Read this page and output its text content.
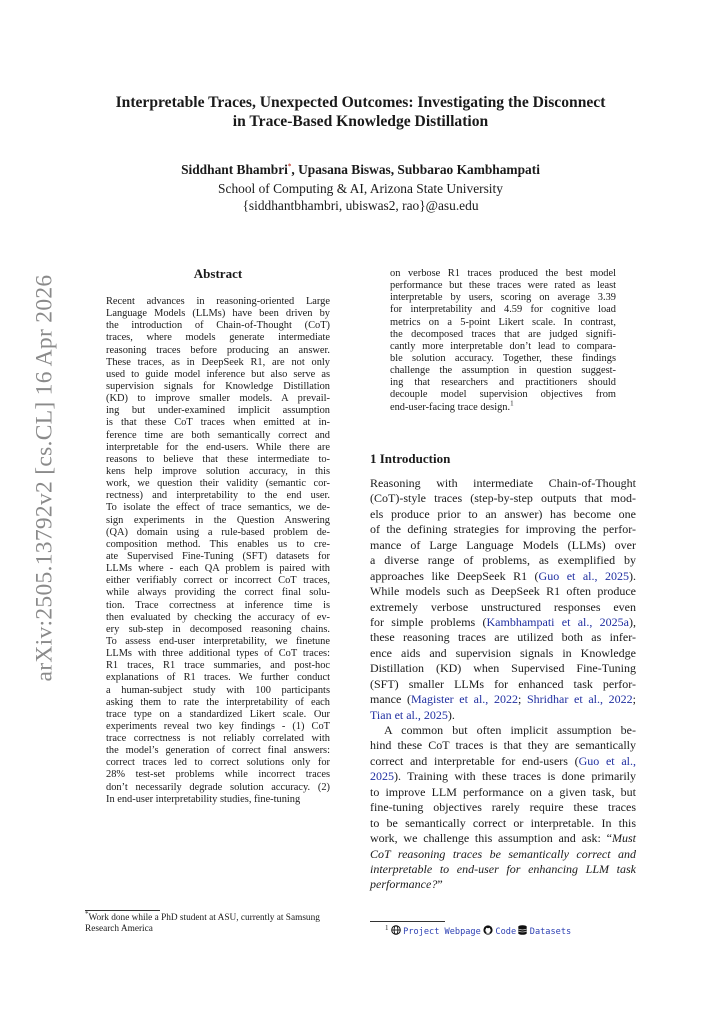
arXiv:2505.13792v2 [cs.CL] 16 Apr 2026
Interpretable Traces, Unexpected Outcomes: Investigating the Disconnect
in Trace-Based Knowledge Distillation
Siddhant Bhambri*, Upasana Biswas, Subbarao Kambhampati
School of Computing & AI, Arizona State University
{siddhantbhambri, ubiswas2, rao}@asu.edu
Abstract
Recent advances in reasoning-oriented Large
Language Models (LLMs) have been driven by
the introduction of Chain-of-Thought (CoT)
traces, where models generate intermediate
reasoning traces before producing an answer.
These traces, as in DeepSeek R1, are not only
used to guide model inference but also serve as
supervision signals for Knowledge Distillation
(KD) to improve smaller models. A prevail-
ing but under-examined implicit assumption
is that these CoT traces when emitted at in-
ference time are both semantically correct and
interpretable for the end-users. While there are
reasons to believe that these intermediate to-
kens help improve solution accuracy, in this
work, we question their validity (semantic cor-
rectness) and interpretability to the end user.
To isolate the effect of trace semantics, we de-
sign experiments in the Question Answering
(QA) domain using a rule-based problem de-
composition method. This enables us to cre-
ate Supervised Fine-Tuning (SFT) datasets for
LLMs where - each QA problem is paired with
either verifiably correct or incorrect CoT traces,
while always providing the correct final solu-
tion. Trace correctness at inference time is
then evaluated by checking the accuracy of ev-
ery sub-step in decomposed reasoning chains.
To assess end-user interpretability, we finetune
LLMs with three additional types of CoT traces:
R1 traces, R1 trace summaries, and post-hoc
explanations of R1 traces. We further conduct
a human-subject study with 100 participants
asking them to rate the interpretability of each
trace type on a standardized Likert scale. Our
experiments reveal two key findings - (1) CoT
trace correctness is not reliably correlated with
the model’s generation of correct final answers:
correct traces led to correct solutions only for
28% test-set problems while incorrect traces
don’t necessarily degrade solution accuracy. (2)
In end-user interpretability studies, fine-tuning
on verbose R1 traces produced the best model
performance but these traces were rated as least
interpretable by users, scoring on average 3.39
for interpretability and 4.59 for cognitive load
metrics on a 5-point Likert scale. In contrast,
the decomposed traces that are judged signifi-
cantly more interpretable don’t lead to compara-
ble solution accuracy. Together, these findings
challenge the assumption in question suggest-
ing that researchers and practitioners should
decouple model supervision objectives from
end-user-facing trace design.$^1$
1 Introduction
Reasoning with intermediate Chain-of-Thought
(CoT)-style traces (step-by-step outputs that mod-
els produce prior to an answer) has become one
of the defining strategies for improving the perfor-
mance of Large Language Models (LLMs) over
a diverse range of problems, as exemplified by
approaches like DeepSeek R1 (Guo et al., 2025).
While models such as DeepSeek R1 often produce
extremely verbose unstructured responses even
for simple problems (Kambhampati et al., 2025a),
these reasoning traces are utilized both as infer-
ence aids and supervision signals in Knowledge
Distillation (KD) when Supervised Fine-Tuning
(SFT) smaller LLMs for enhanced task perfor-
mance (Magister et al., 2022; Shridhar et al., 2022;
Tian et al., 2025).
A common but often implicit assumption be-
hind these CoT traces is that they are semantically
correct and interpretable for end-users (Guo et al.,
2025). Training with these traces is done primarily
to improve LLM performance on a given task, but
fine-tuning objectives rarely require these traces
to be semantically correct or interpretable. In this
work, we challenge this assumption and ask: “Must
CoT reasoning traces be semantically correct and
interpretable to end-user for enhancing LLM task
performance?”
*Work done while a PhD student at ASU, currently at Samsung Research America	$^1$ Project Webpage Code Datasets
